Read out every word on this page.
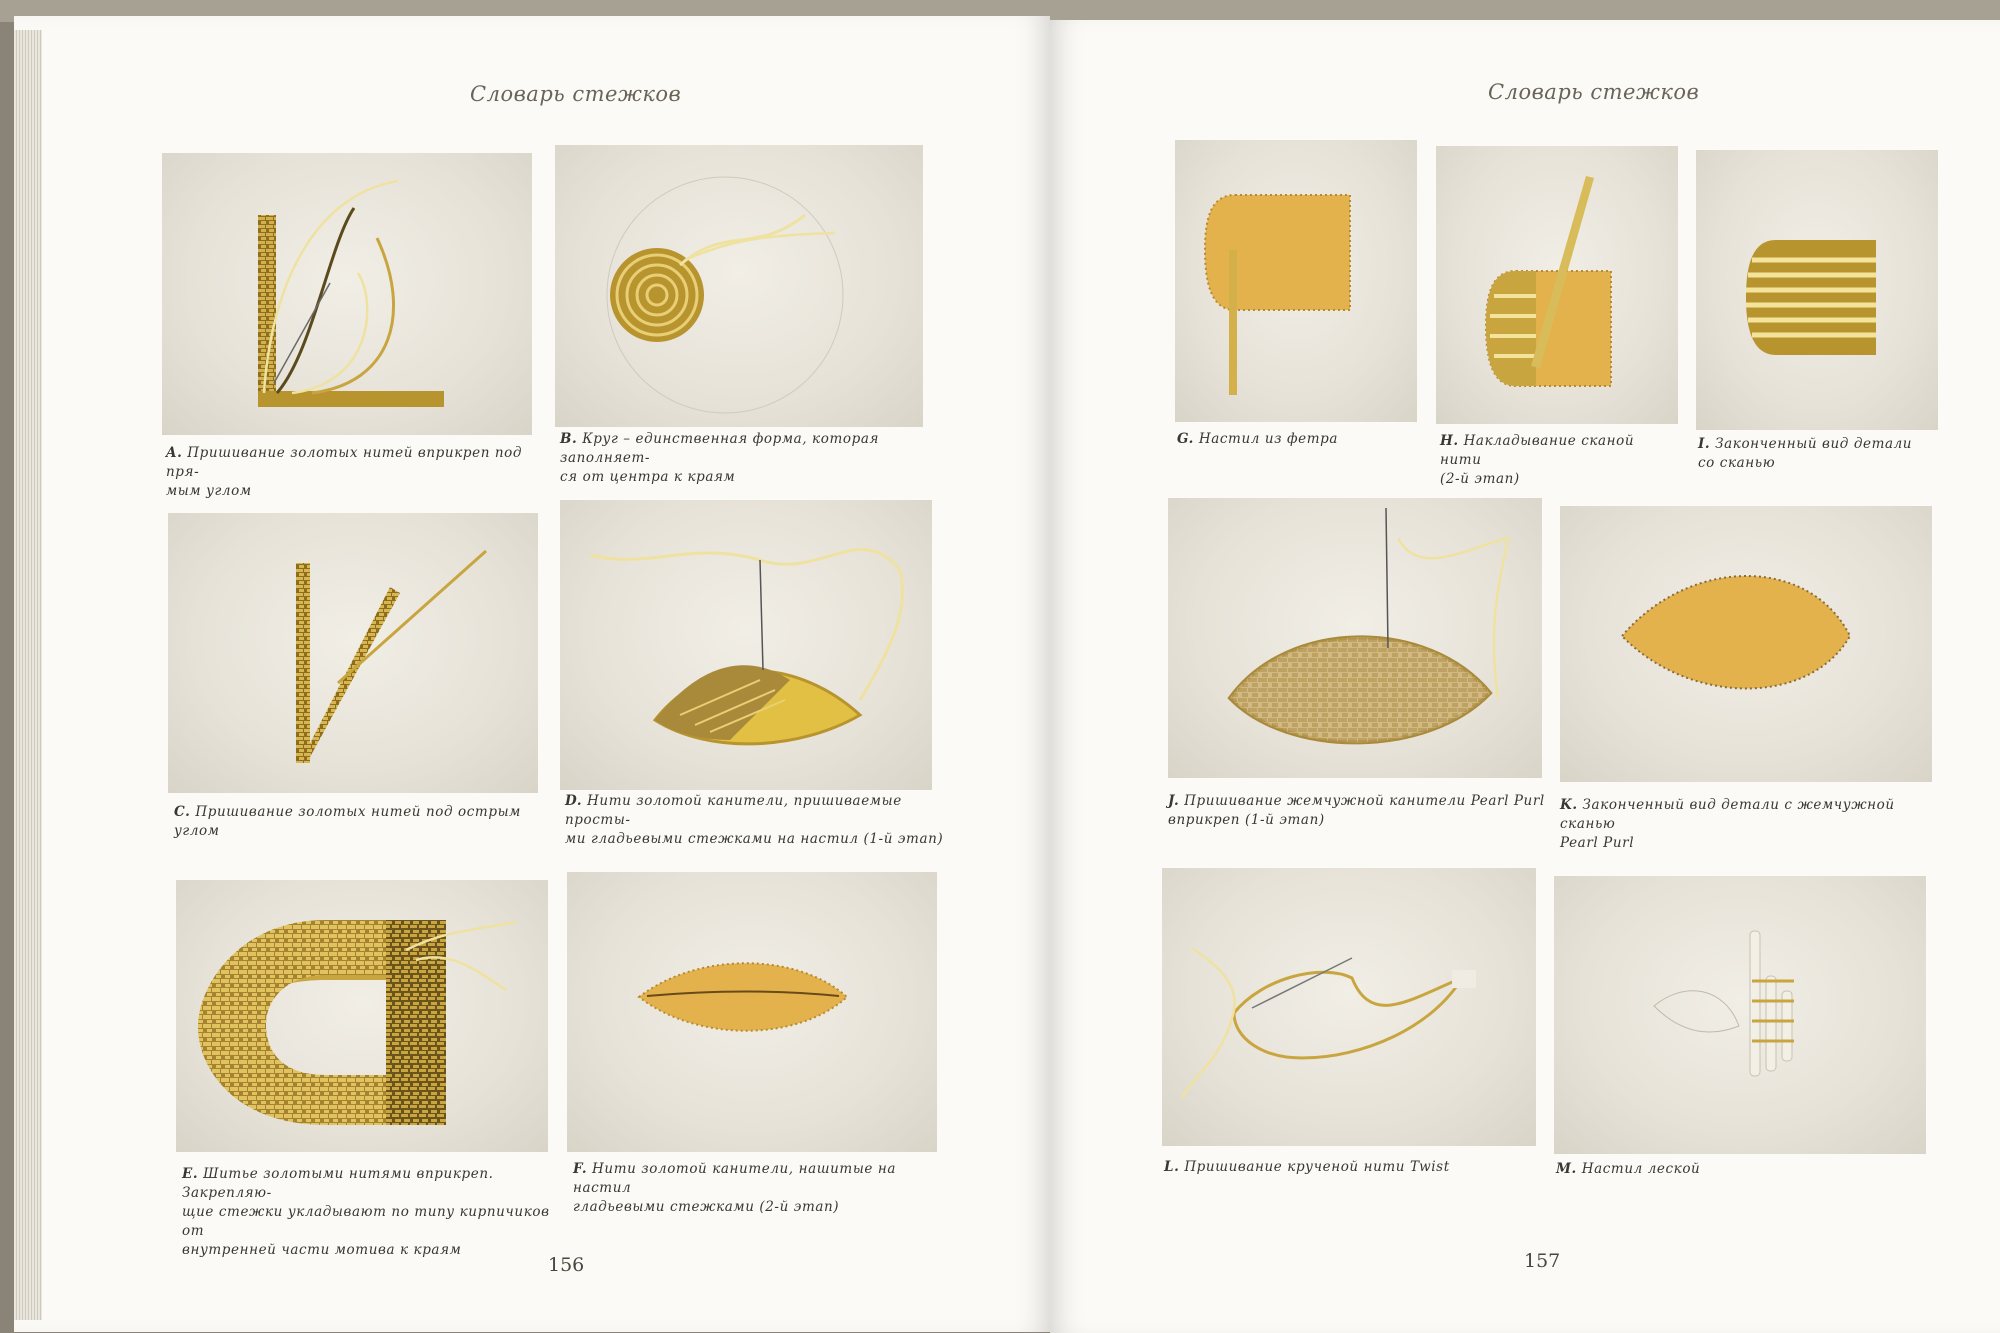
Словарь стежков
A. Пришивание золотых нитей вприкреп под пря-
мым углом
B. Круг – единственная форма, которая заполняет-
ся от центра к краям
C. Пришивание золотых нитей под острым углом
D. Нити золотой канители, пришиваемые просты-
ми гладьевыми стежками на настил (1-й этап)
E. Шитье золотыми нитями вприкреп. Закрепляю-
щие стежки укладывают по типу кирпичиков от
внутренней части мотива к краям
F. Нити золотой канители, нашитые на настил
гладьевыми стежками (2-й этап)
156
Словарь стежков
G. Настил из фетра	H. Накладывание сканой нити
(2-й этап)
I. Законченный вид детали
со сканью
J. Пришивание жемчужной канители Pearl Purl
вприкреп (1-й этап)
K. Законченный вид детали с жемчужной сканью
Pearl Purl
L. Пришивание крученой нити Twist	M. Настил леской
157
